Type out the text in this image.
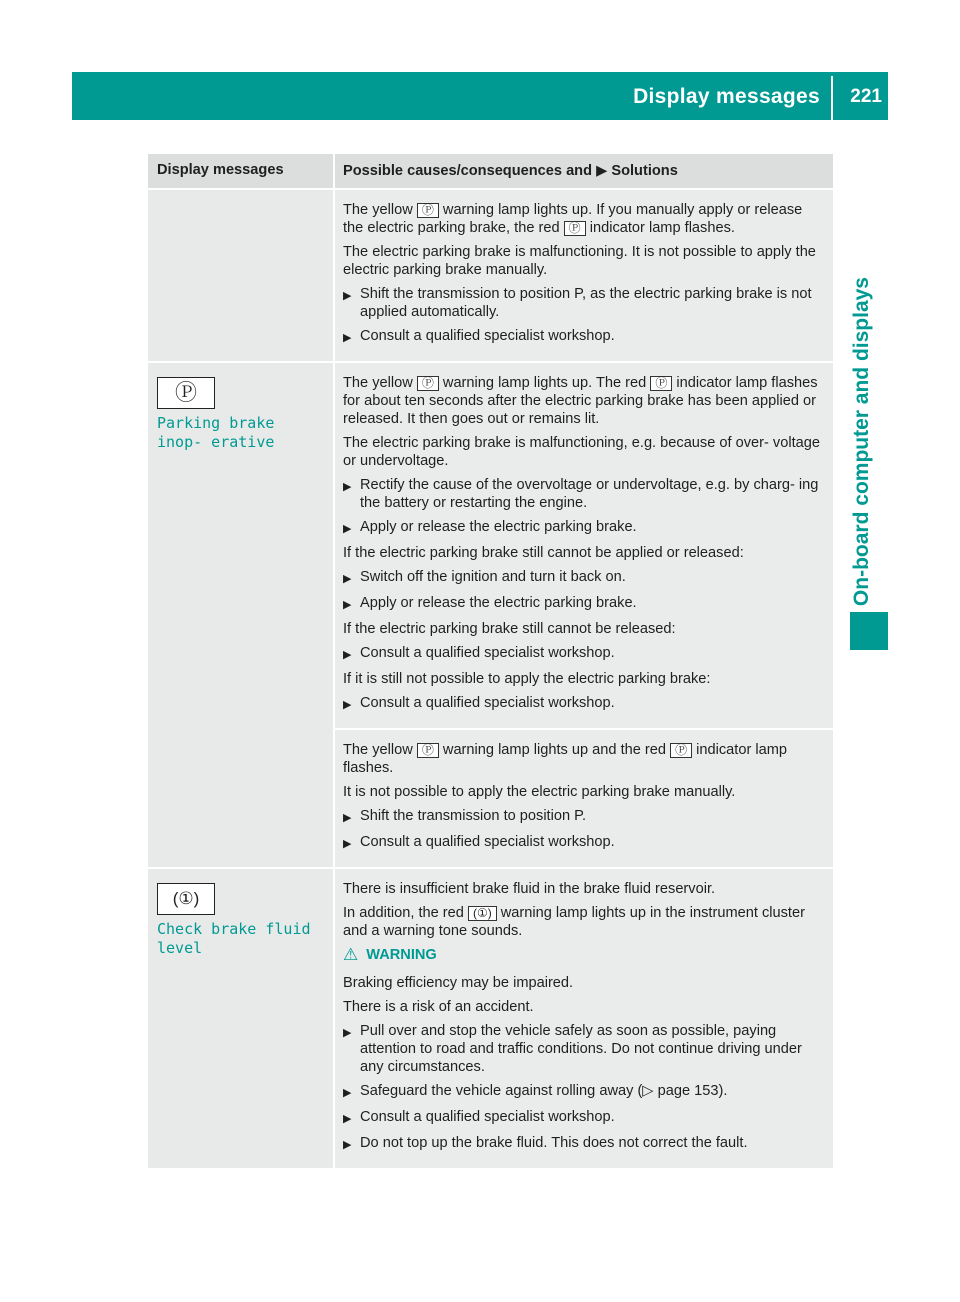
Display messages 221
On-board computer and displays
Display messages	Possible causes/consequences and ▶ Solutions

The yellow Ⓟ warning lamp lights up. If you manually apply or release the electric parking brake, the red Ⓟ indicator lamp flashes.

The electric parking brake is malfunctioning. It is not possible to apply the electric parking brake manually.

▶ Shift the transmission to position P, as the electric parking brake is not applied automatically.
▶ Consult a qualified specialist workshop.
Ⓟ
Parking brake inop‐ erative

The yellow Ⓟ warning lamp lights up. The red Ⓟ indicator lamp flashes for about ten seconds after the electric parking brake has been applied or released. It then goes out or remains lit.

The electric parking brake is malfunctioning, e.g. because of over- voltage or undervoltage.

▶ Rectify the cause of the overvoltage or undervoltage, e.g. by charg- ing the battery or restarting the engine.
▶ Apply or release the electric parking brake.

If the electric parking brake still cannot be applied or released:

▶ Switch off the ignition and turn it back on.
▶ Apply or release the electric parking brake.

If the electric parking brake still cannot be released:

▶ Consult a qualified specialist workshop.

If it is still not possible to apply the electric parking brake:

▶ Consult a qualified specialist workshop.

The yellow Ⓟ warning lamp lights up and the red Ⓟ indicator lamp flashes.

It is not possible to apply the electric parking brake manually.

▶ Shift the transmission to position P.
▶ Consult a qualified specialist workshop.
(①)
Check brake fluid level

There is insufficient brake fluid in the brake fluid reservoir.

In addition, the red (①) warning lamp lights up in the instrument cluster and a warning tone sounds.

⚠ WARNING

Braking efficiency may be impaired.

There is a risk of an accident.

▶ Pull over and stop the vehicle safely as soon as possible, paying attention to road and traffic conditions. Do not continue driving under any circumstances.
▶ Safeguard the vehicle against rolling away (▷ page 153).
▶ Consult a qualified specialist workshop.
▶ Do not top up the brake fluid. This does not correct the fault.
